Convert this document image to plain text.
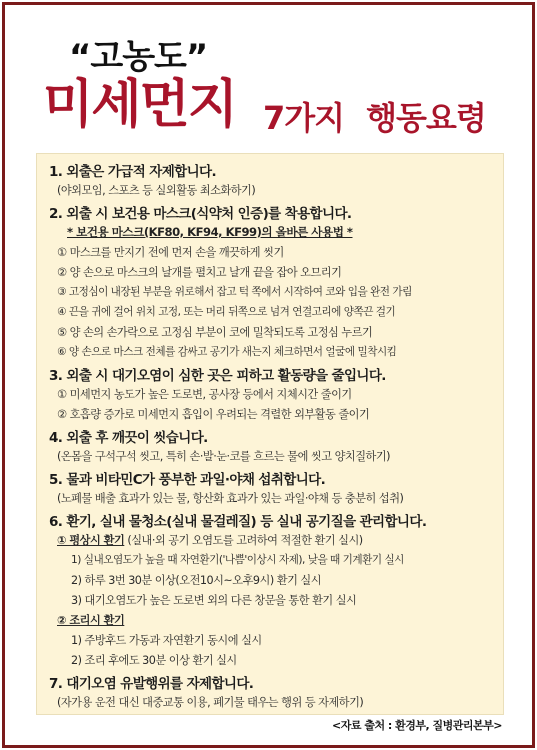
“고농도”
미세먼지 7가지 행동요령
1. 외출은 가급적 자제합니다.
(야외모임, 스포츠 등 실외활동 최소화하기)
2. 외출 시 보건용 마스크(식약처 인증)를 착용합니다.
* 보건용 마스크(KF80, KF94, KF99)의 올바른 사용법 *
① 마스크를 만지기 전에 먼저 손을 깨끗하게 씻기
② 양 손으로 마스크의 날개를 펼치고 날개 끝을 잡아 오므리기
③ 고정심이 내장된 부분을 위로해서 잡고 턱 쪽에서 시작하여 코와 입을 완전 가림
④ 끈을 귀에 걸어 위치 고정, 또는 머리 뒤쪽으로 넘겨 연결고리에 양쪽끈 걸기
⑤ 양 손의 손가락으로 고정심 부분이 코에 밀착되도록 고정심 누르기
⑥ 양 손으로 마스크 전체를 감싸고 공기가 새는지 체크하면서 얼굴에 밀착시킴
3. 외출 시 대기오염이 심한 곳은 피하고 활동량을 줄입니다.
① 미세먼지 농도가 높은 도로변, 공사장 등에서 지체시간 줄이기
② 호흡량 증가로 미세먼지 흡입이 우려되는 격렬한 외부활동 줄이기
4. 외출 후 깨끗이 씻습니다.
(온몸을 구석구석 씻고, 특히 손·발·눈·코를 흐르는 물에 씻고 양치질하기)
5. 물과 비타민C가 풍부한 과일·야채 섭취합니다.
(노폐물 배출 효과가 있는 물, 항산화 효과가 있는 과일·야채 등 충분히 섭취)
6. 환기, 실내 물청소(실내 물걸레질) 등 실내 공기질을 관리합니다.
① 평상시 환기 (실내·외 공기 오염도를 고려하여 적절한 환기 실시)
1) 실내오염도가 높을 때 자연환기('나쁨'이상시 자제), 낮을 때 기계환기 실시
2) 하루 3번 30분 이상(오전10시~오후9시) 환기 실시
3) 대기오염도가 높은 도로변 외의 다른 창문을 통한 환기 실시
② 조리시 환기
1) 주방후드 가동과 자연환기 동시에 실시
2) 조리 후에도 30분 이상 환기 실시
7. 대기오염 유발행위를 자제합니다.
(자가용 운전 대신 대중교통 이용, 폐기물 태우는 행위 등 자제하기)
<자료 출처 : 환경부, 질병관리본부>
